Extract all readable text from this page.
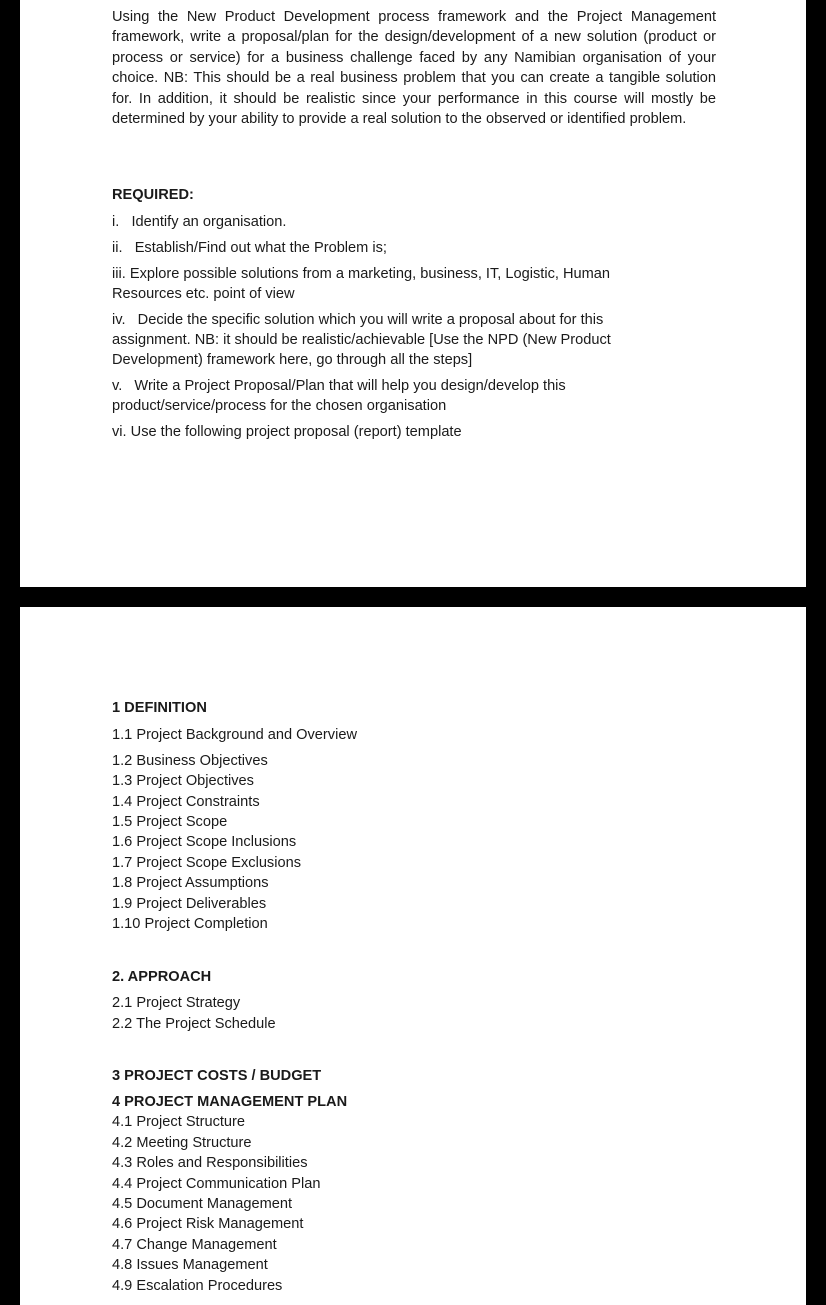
Using the New Product Development process framework and the Project Management framework, write a proposal/plan for the design/development of a new solution (product or process or service) for a business challenge faced by any Namibian organisation of your choice. NB: This should be a real business problem that you can create a tangible solution for. In addition, it should be realistic since your performance in this course will mostly be determined by your ability to provide a real solution to the observed or identified problem.

REQUIRED:

i.   Identify an organisation.
ii.   Establish/Find out what the Problem is;
iii. Explore possible solutions from a marketing, business, IT, Logistic, Human Resources etc. point of view
iv.   Decide the specific solution which you will write a proposal about for this assignment. NB: it should be realistic/achievable [Use the NPD (New Product Development) framework here, go through all the steps]
v.   Write a Project Proposal/Plan that will help you design/develop this product/service/process for the chosen organisation
vi. Use the following project proposal (report) template

1 DEFINITION

1.1 Project Background and Overview
1.2 Business Objectives
1.3 Project Objectives
1.4 Project Constraints
1.5 Project Scope
1.6 Project Scope Inclusions
1.7 Project Scope Exclusions
1.8 Project Assumptions
1.9 Project Deliverables
1.10 Project Completion

2. APPROACH

2.1 Project Strategy
2.2 The Project Schedule

3 PROJECT COSTS / BUDGET

4 PROJECT MANAGEMENT PLAN

4.1 Project Structure
4.2 Meeting Structure
4.3 Roles and Responsibilities
4.4 Project Communication Plan
4.5 Document Management
4.6 Project Risk Management
4.7 Change Management
4.8 Issues Management
4.9 Escalation Procedures
